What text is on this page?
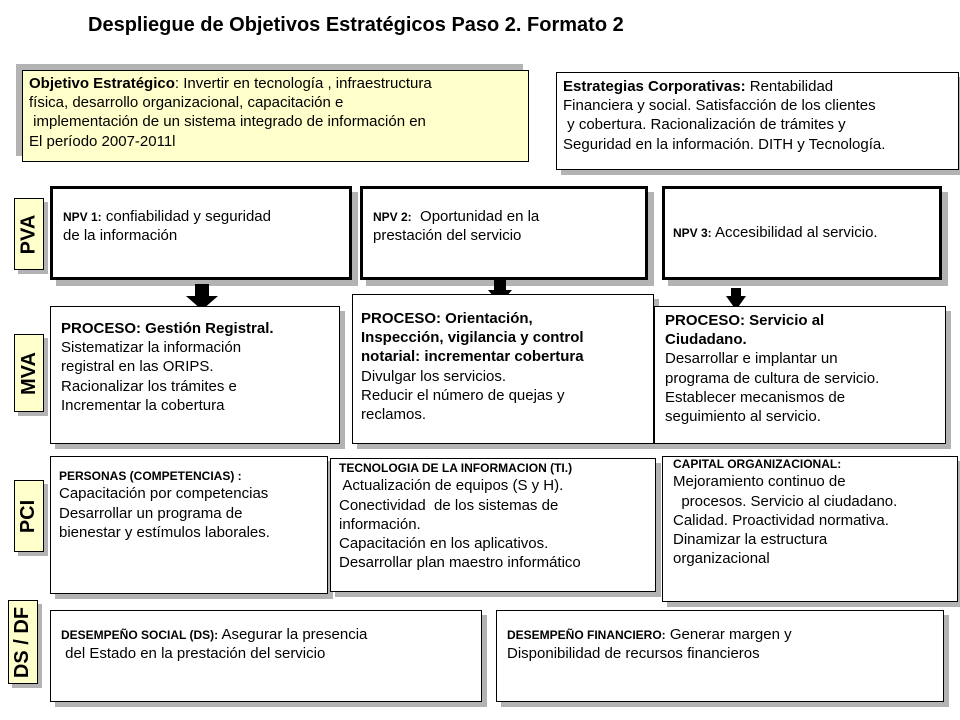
Despliegue de Objetivos Estratégicos Paso 2. Formato 2
Objetivo Estratégico: Invertir en tecnología , infraestructura
física, desarrollo organizacional, capacitación e
implementación de un sistema integrado de información en
El período 2007-2011l
Estrategias Corporativas: Rentabilidad
Financiera y social. Satisfacción de los clientes
y cobertura. Racionalización de trámites y
Seguridad en la información. DITH y Tecnología.
PVA
MVA
PCI
DS / DF
NPV 1: confiabilidad y seguridad
de la información
NPV 2:  Oportunidad en la
prestación del servicio	NPV 3: Accesibilidad al servicio.
PROCESO: Gestión Registral.
Sistematizar la información
registral en las ORIPS.
Racionalizar los trámites e
Incrementar la cobertura
PROCESO: Orientación,
Inspección, vigilancia y control
notarial: incrementar cobertura
Divulgar los servicios.
Reducir el número de quejas y
reclamos.
PROCESO: Servicio al
Ciudadano.
Desarrollar e implantar un
programa de cultura de servicio.
Establecer mecanismos de
seguimiento al servicio.
PERSONAS (COMPETENCIAS) :
Capacitación por competencias
Desarrollar un programa de
bienestar y estímulos laborales.
TECNOLOGIA DE LA INFORMACION (TI.)
Actualización de equipos (S y H).
Conectividad  de los sistemas de
información.
Capacitación en los aplicativos.
Desarrollar plan maestro informático
CAPITAL ORGANIZACIONAL:
Mejoramiento continuo de
procesos. Servicio al ciudadano.
Calidad. Proactividad normativa.
Dinamizar la estructura
organizacional
DESEMPEÑO SOCIAL (DS): Asegurar la presencia
del Estado en la prestación del servicio
DESEMPEÑO FINANCIERO: Generar margen y
Disponibilidad de recursos financieros
